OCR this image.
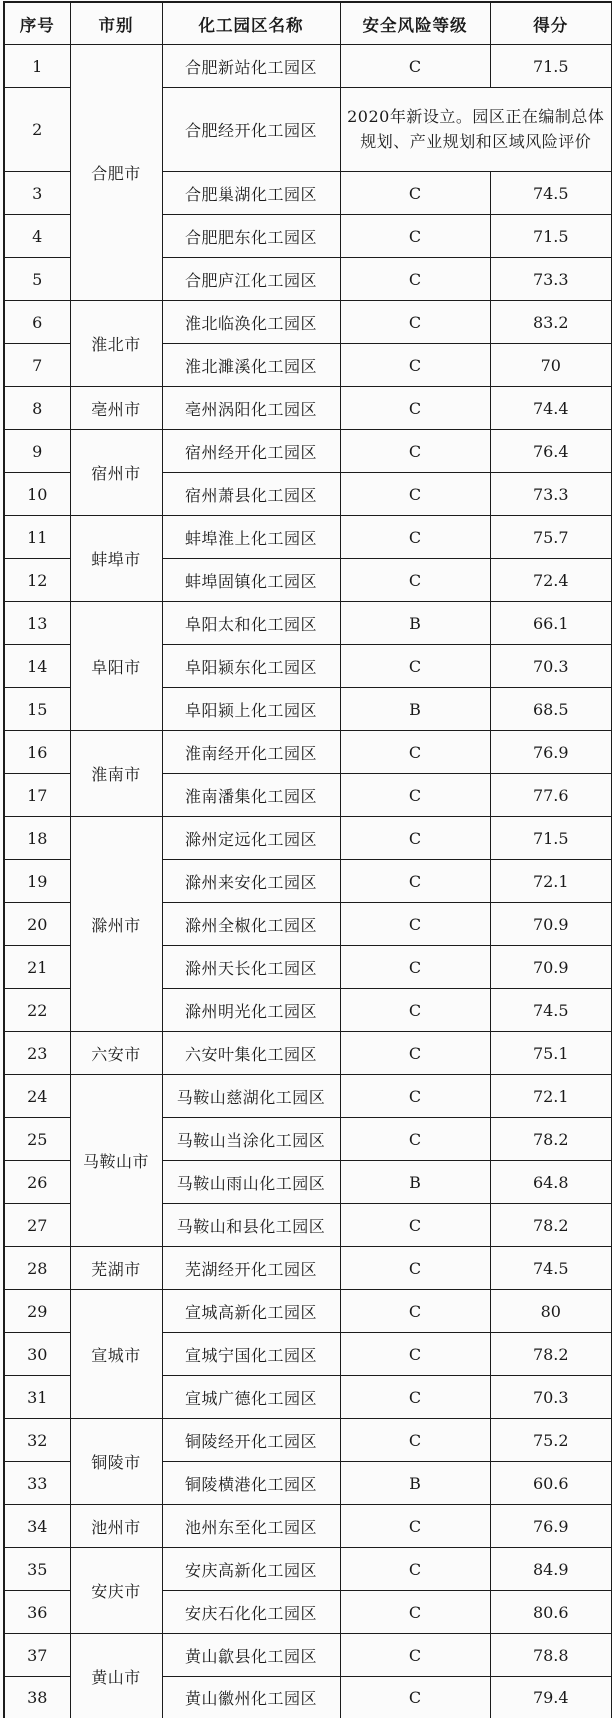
序号	市别	化工园区名称	安全风险等级	得分
1	合肥市	合肥新站化工园区	C	71.5
2		合肥经开化工园区	2020年新设立。园区正在编制总体规划、产业规划和区域风险评价	
3		合肥巢湖化工园区	C	74.5
4		合肥肥东化工园区	C	71.5
5		合肥庐江化工园区	C	73.3
6	淮北市	淮北临涣化工园区	C	83.2
7		淮北濉溪化工园区	C	70
8	亳州市	亳州涡阳化工园区	C	74.4
9	宿州市	宿州经开化工园区	C	76.4
10		宿州萧县化工园区	C	73.3
11	蚌埠市	蚌埠淮上化工园区	C	75.7
12		蚌埠固镇化工园区	C	72.4
13	阜阳市	阜阳太和化工园区	B	66.1
14		阜阳颍东化工园区	C	70.3
15		阜阳颍上化工园区	B	68.5
16	淮南市	淮南经开化工园区	C	76.9
17		淮南潘集化工园区	C	77.6
18	滁州市	滁州定远化工园区	C	71.5
19		滁州来安化工园区	C	72.1
20		滁州全椒化工园区	C	70.9
21		滁州天长化工园区	C	70.9
22		滁州明光化工园区	C	74.5
23	六安市	六安叶集化工园区	C	75.1
24	马鞍山市	马鞍山慈湖化工园区	C	72.1
25		马鞍山当涂化工园区	C	78.2
26		马鞍山雨山化工园区	B	64.8
27		马鞍山和县化工园区	C	78.2
28	芜湖市	芜湖经开化工园区	C	74.5
29	宣城市	宣城高新化工园区	C	80
30		宣城宁国化工园区	C	78.2
31		宣城广德化工园区	C	70.3
32	铜陵市	铜陵经开化工园区	C	75.2
33		铜陵横港化工园区	B	60.6
34	池州市	池州东至化工园区	C	76.9
35	安庆市	安庆高新化工园区	C	84.9
36		安庆石化化工园区	C	80.6
37	黄山市	黄山歙县化工园区	C	78.8
38		黄山徽州化工园区	C	79.4
